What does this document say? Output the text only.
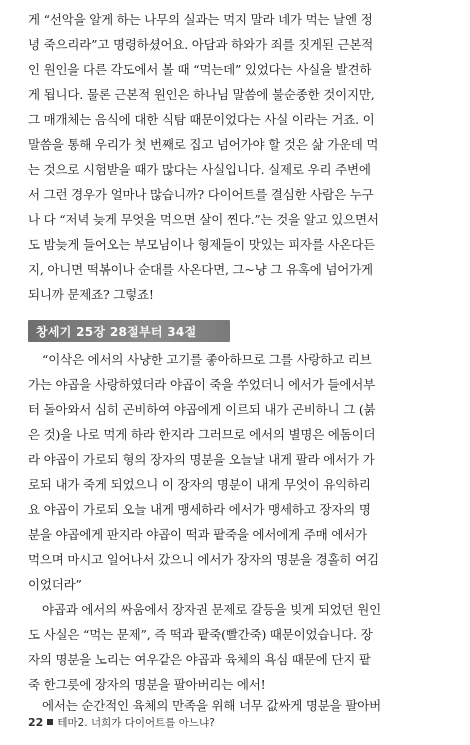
게 “선악을 알게 하는 나무의 실과는 먹지 말라 네가 먹는 날엔 정
녕 죽으리라”고 명령하셨어요. 아담과 하와가 죄를 짓게된 근본적
인 원인을 다른 각도에서 볼 때 “먹는데” 있었다는 사실을 발견하
게 됩니다. 물론 근본적 원인은 하나님 말씀에 불순종한 것이지만,
그 매개체는 음식에 대한 식탐 때문이었다는 사실 이라는 거죠. 이
말씀을 통해 우리가 첫 번째로 집고 넘어가야 할 것은 삶 가운데 먹
는 것으로 시험받을 때가 많다는 사실입니다. 실제로 우리 주변에
서 그런 경우가 얼마나 많습니까? 다이어트를 결심한 사람은 누구
나 다 “저녁 늦게 무엇을 먹으면 살이 찐다.”는 것을 알고 있으면서
도 밤늦게 들어오는 부모님이나 형제들이 맛있는 피자를 사온다든
지, 아니면 떡볶이나 순대를 사온다면, 그~냥 그 유혹에 넘어가게
되니까 문제죠? 그렇죠!
창세기 25장 28절부터 34절
“이삭은 에서의 사냥한 고기를 좋아하므로 그를 사랑하고 리브
가는 야곱을 사랑하였더라 야곱이 죽을 쑤었더니 에서가 들에서부
터 돌아와서 심히 곤비하여 야곱에게 이르되 내가 곤비하니 그 (붉
은 것)을 나로 먹게 하라 한지라 그러므로 에서의 별명은 에돔이더
라 야곱이 가로되 형의 장자의 명분을 오늘날 내게 팔라 에서가 가
로되 내가 죽게 되었으니 이 장자의 명분이 내게 무엇이 유익하리
요 야곱이 가로되 오늘 내게 맹세하라 에서가 맹세하고 장자의 명
분을 야곱에게 판지라 야곱이 떡과 팥죽을 에서에게 주매 에서가
먹으며 마시고 일어나서 갔으니 에서가 장자의 명분을 경홀히 여김
이었더라”
야곱과 에서의 싸움에서 장자권 문제로 갈등을 빚게 되었던 원인
도 사실은 “먹는 문제”, 즉 떡과 팥죽(빨간죽) 때문이었습니다. 장
자의 명분을 노리는 여우같은 야곱과 육체의 욕심 때문에 단지 팥
죽 한그릇에 장자의 명분을 팔아버리는 에서!
에서는 순간적인 육체의 만족을 위해 너무 값싸게 명분을 팔아버
22 테마2. 너희가 다이어트를 아느냐?
